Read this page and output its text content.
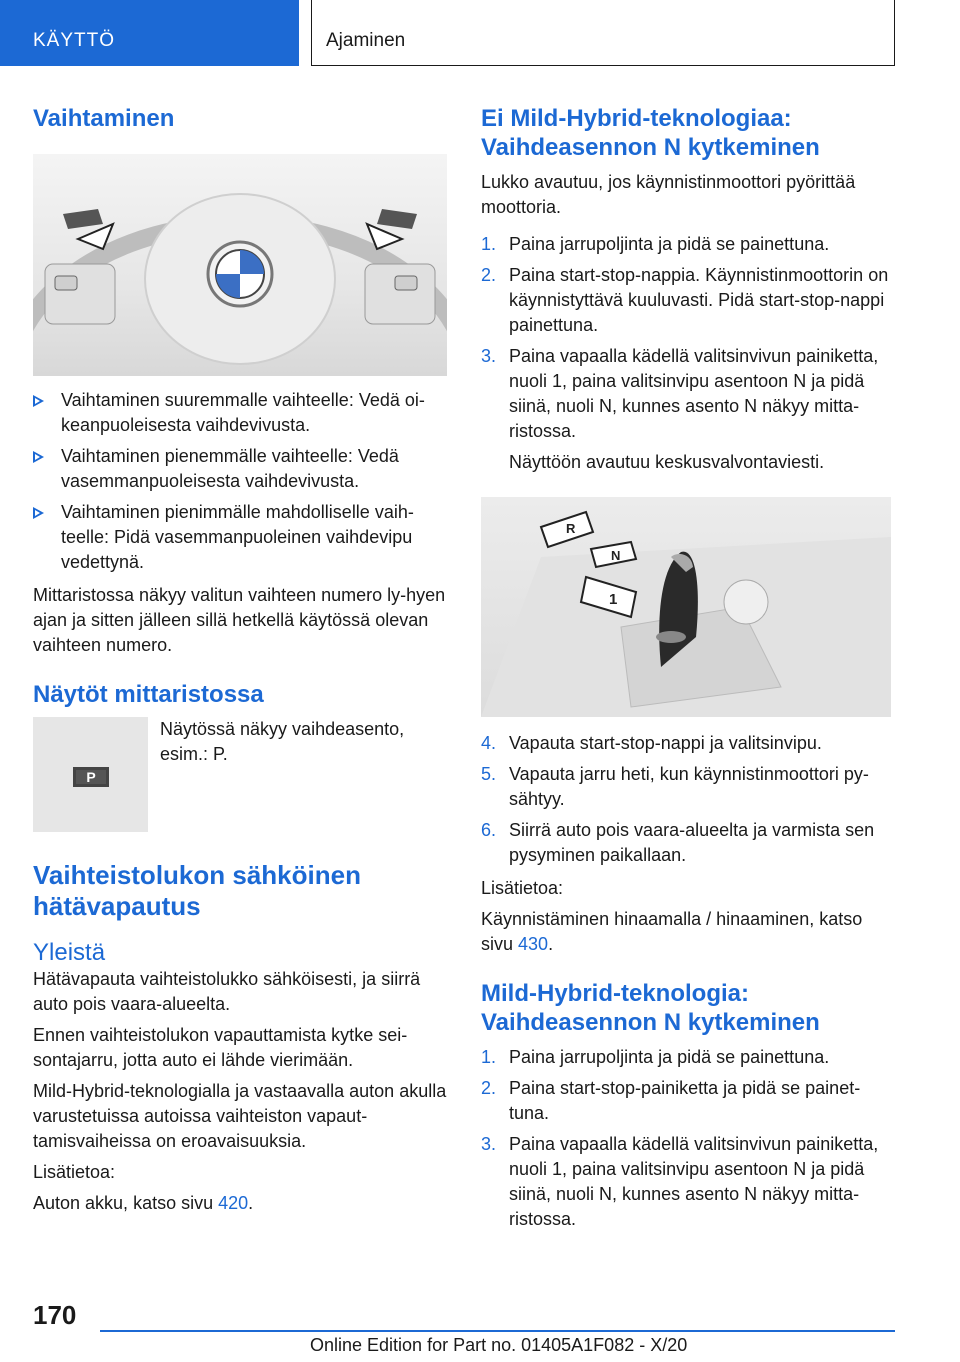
KÄYTTÖ	Ajaminen
Vaihtaminen
Vaihtaminen suuremmalle vaihteelle: Vedä oi-keanpuoleisesta vaihdevivusta.
Vaihtaminen pienemmälle vaihteelle: Vedä vasemmanpuoleisesta vaihdevivusta.
Vaihtaminen pienimmälle mahdolliselle vaih-teelle: Pidä vasemmanpuoleinen vaihdevipu vedettynä.

Mittaristossa näkyy valitun vaihteen numero ly-hyen ajan ja sitten jälleen sillä hetkellä käytössä olevan vaihteen numero.

Näytöt mittaristossa
P

Näytössä näkyy vaihdeasento, esim.: P.

Vaihteistolukon sähköinen hätävapautus
Yleistä

Hätävapauta vaihteistolukko sähköisesti, ja siirrä auto pois vaara-alueelta.

Ennen vaihteistolukon vapauttamista kytke sei-sontajarru, jotta auto ei lähde vierimään.

Mild-Hybrid-teknologialla ja vastaavalla auton akulla varustetuissa autoissa vaihteiston vapaut-tamisvaiheissa on eroavaisuuksia.

Lisätietoa:

Auton akku, katso sivu 420.

Ei Mild-Hybrid-teknologiaa: Vaihdeasennon N kytkeminen

Lukko avautuu, jos käynnistinmoottori pyörittää moottoria.

1. Paina jarrupoljinta ja pidä se painettuna.
2. Paina start-stop-nappia. Käynnistinmoottorin on käynnistyttävä kuuluvasti. Pidä start-stop-nappi painettuna.
3. Paina vapaalla kädellä valitsinvivun painiketta, nuoli 1, paina valitsinvipu asentoon N ja pidä siinä, nuoli N, kunnes asento N näkyy mitta-ristossa.
Näyttöön avautuu keskusvalvontaviesti.
R
N
1
4. Vapauta start-stop-nappi ja valitsinvipu.
5. Vapauta jarru heti, kun käynnistinmoottori py-sähtyy.
6. Siirrä auto pois vaara-alueelta ja varmista sen pysyminen paikallaan.

Lisätietoa:

Käynnistäminen hinaamalla / hinaaminen, katso sivu 430.

Mild-Hybrid-teknologia: Vaihdeasennon N kytkeminen
1. Paina jarrupoljinta ja pidä se painettuna.
2. Paina start-stop-painiketta ja pidä se painet-tuna.
3. Paina vapaalla kädellä valitsinvivun painiketta, nuoli 1, paina valitsinvipu asentoon N ja pidä siinä, nuoli N, kunnes asento N näkyy mitta-ristossa.
170
Online Edition for Part no. 01405A1F082 - X/20
